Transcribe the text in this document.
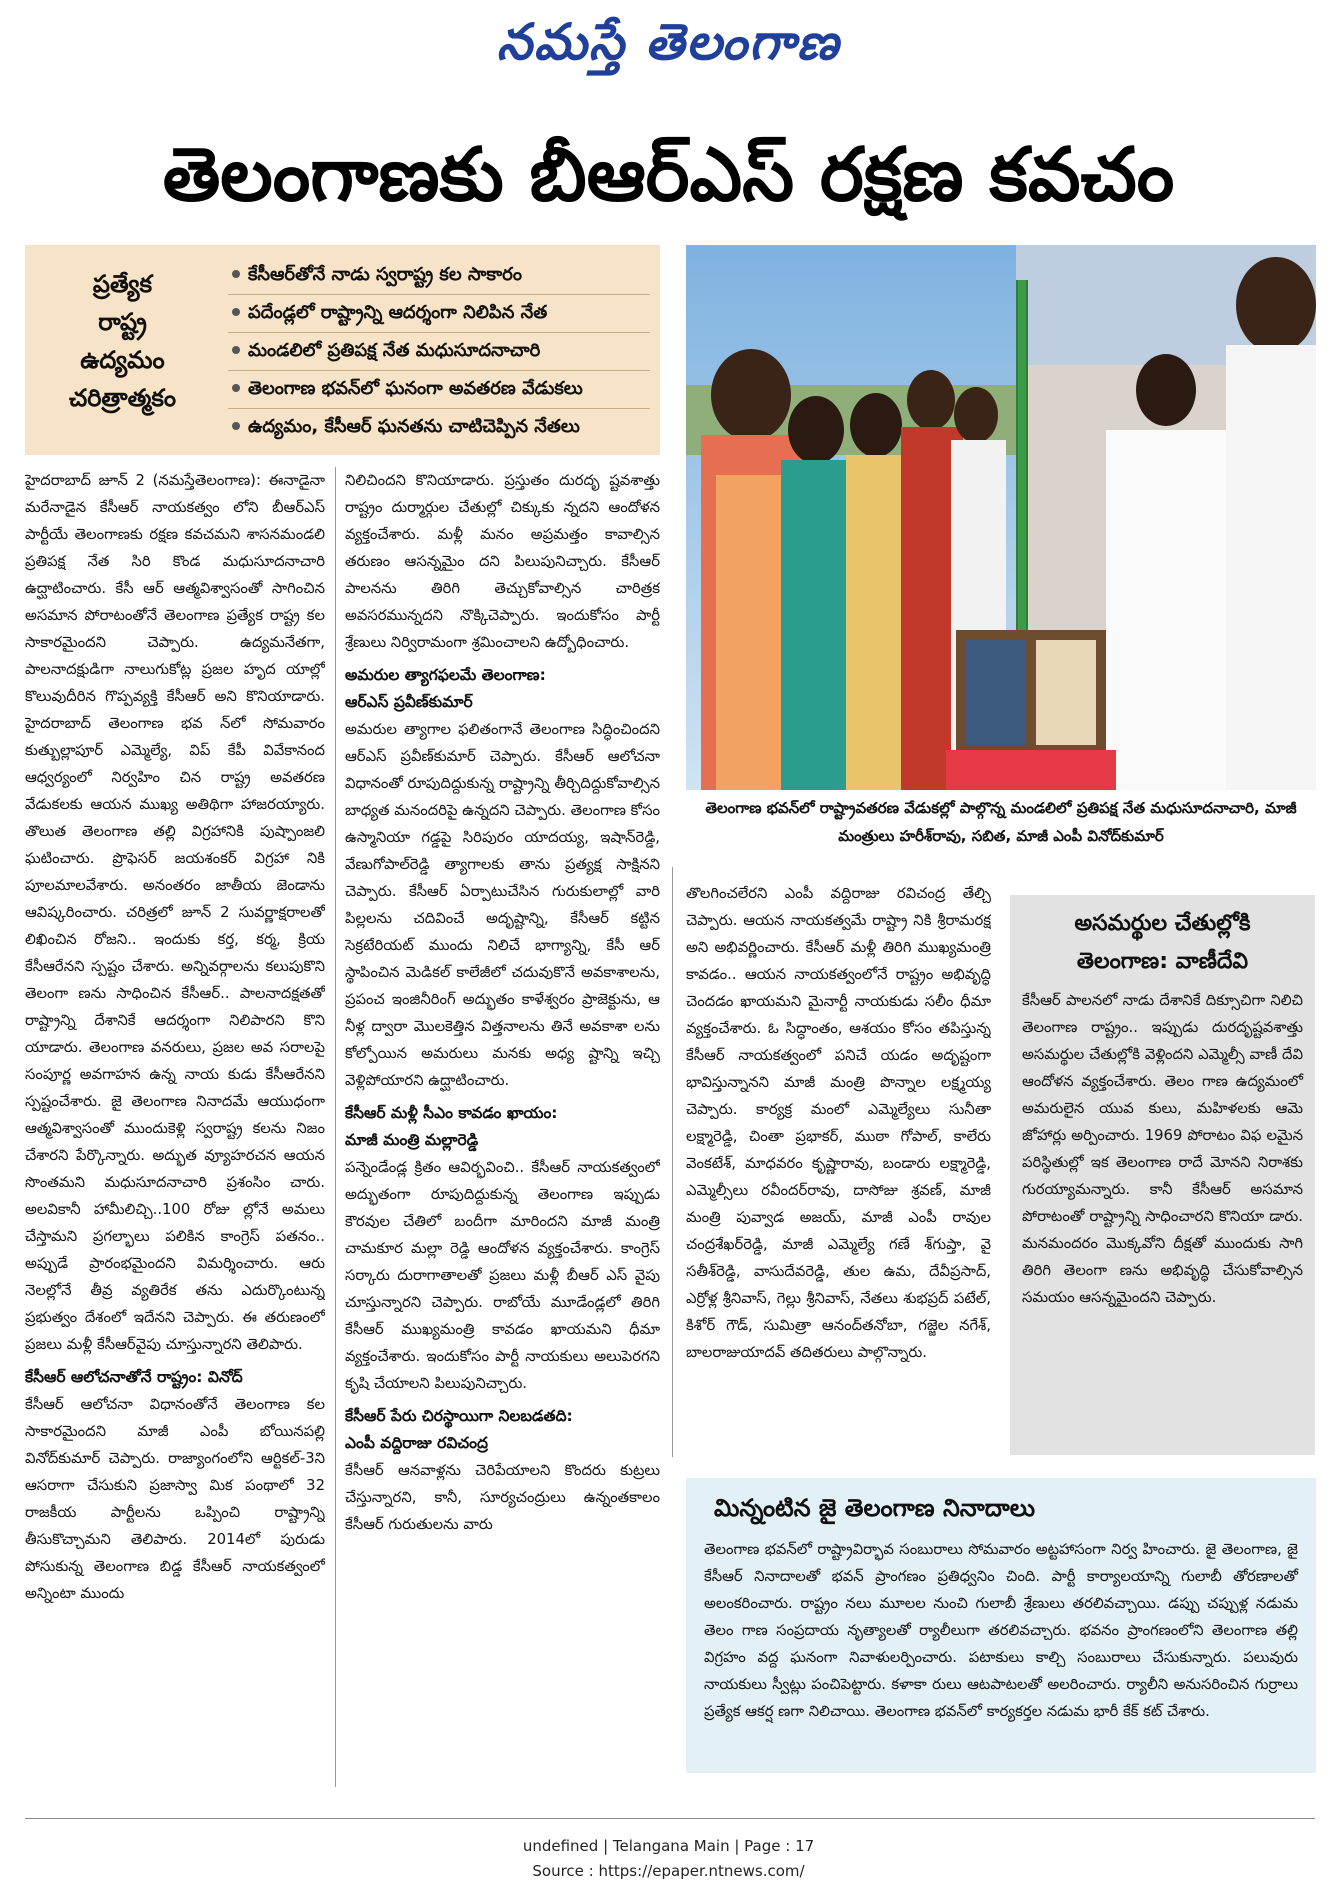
నమస్తే తెలంగాణ
తెలంగాణకు బీఆర్ఎస్ రక్షణ కవచం
ప్రత్యేక
రాష్ట్ర
ఉద్యమం
చరిత్రాత్మకం
కేసీఆర్‌తోనే నాడు స్వరాష్ట్ర కల సాకారం
పదేండ్లలో రాష్ట్రాన్ని ఆదర్శంగా నిలిపిన నేత
మండలిలో ప్రతిపక్ష నేత మధుసూదనాచారి
తెలంగాణ భవన్‌లో ఘనంగా అవతరణ వేడుకలు
ఉద్యమం, కేసీఆర్ ఘనతను చాటిచెప్పిన నేతలు
తెలంగాణ భవన్‌లో రాష్ట్రావతరణ వేడుకల్లో పాల్గొన్న మండలిలో ప్రతిపక్ష నేత మధుసూదనాచారి, మాజీ మంత్రులు హరీశ్‌రావు, సబిత, మాజీ ఎంపీ వినోద్‌కుమార్

హైదరాబాద్ జూన్ 2 (నమస్తేతెలంగాణ): ఈనాడైనా మరేనాడైన కేసీఆర్ నాయకత్వం లోని బీఆర్ఎస్ పార్టీయే తెలంగాణకు రక్షణ కవచమని శాసనమండలి ప్రతిపక్ష నేత సిరి కొండ మధుసూదనాచారి ఉద్ఘాటించారు. కేసీ ఆర్ ఆత్మవిశ్వాసంతో సాగించిన అసమాన పోరాటంతోనే తెలంగాణ ప్రత్యేక రాష్ట్ర కల సాకారమైందని చెప్పారు. ఉద్యమనేతగా, పాలనాదక్షుడిగా నాలుగుకోట్ల ప్రజల హృద యాల్లో కొలువుదీరిన గొప్పవ్యక్తి కేసీఆర్ అని కొనియాడారు. హైదరాబాద్ తెలంగాణ భవ న్‌లో సోమవారం కుత్బుల్లాపూర్ ఎమ్మెల్యే, విప్ కేపీ వివేకానంద ఆధ్వర్యంలో నిర్వహిం చిన రాష్ట్ర అవతరణ వేడుకలకు ఆయన ముఖ్య అతిథిగా హాజరయ్యారు. తొలుత తెలంగాణ తల్లి విగ్రహానికి పుష్పాంజలి ఘటించారు. ప్రొఫెసర్ జయశంకర్ విగ్రహా నికి పూలమాలవేశారు. అనంతరం జాతీయ జెండాను ఆవిష్కరించారు. చరిత్రలో జూన్ 2 సువర్ణాక్షరాలతో లిఖించిన రోజని.. ఇందుకు కర్త, కర్మ, క్రియ కేసీఆరేనని స్పష్టం చేశారు. అన్నివర్గాలను కలుపుకొని తెలంగా ణను సాధించిన కేసీఆర్.. పాలనాదక్షతతో రాష్ట్రాన్ని దేశానికే ఆదర్శంగా నిలిపారని కొని యాడారు. తెలంగాణ వనరులు, ప్రజల అవ సరాలపై సంపూర్ణ అవగాహన ఉన్న నాయ కుడు కేసీఆరేనని స్పష్టంచేశారు. జై తెలంగాణ నినాదమే ఆయుధంగా ఆత్మవిశ్వాసంతో ముందుకెళ్లి స్వరాష్ట్ర కలను నిజం చేశారని పేర్కొన్నారు. అద్భుత వ్యూహరచన ఆయన సొంతమని మధుసూదనాచారి ప్రశంసిం చారు. అలవికానీ హామీలిచ్చి..100 రోజు ల్లోనే అమలు చేస్తామని ప్రగల్భాలు పలికిన కాంగ్రెస్ పతనం.. అప్పుడే ప్రారంభమైందని విమర్శించారు. ఆరు నెలల్లోనే తీవ్ర వ్యతిరేక తను ఎదుర్కొంటున్న ప్రభుత్వం దేశంలో ఇదేనని చెప్పారు. ఈ తరుణంలో ప్రజలు మళ్లీ కేసీఆర్‌వైపు చూస్తున్నారని తెలిపారు.

కేసీఆర్ ఆలోచనాతోనే రాష్ట్రం: వినోద్

కేసీఆర్ ఆలోచనా విధానంతోనే తెలంగాణ కల సాకారమైందని మాజీ ఎంపీ బోయినపల్లి వినోద్‌కుమార్ చెప్పారు. రాజ్యాంగంలోని ఆర్టికల్-3ని ఆసరాగా చేసుకుని ప్రజాస్వా మిక పంథాలో 32 రాజకీయ పార్టీలను ఒప్పించి రాష్ట్రాన్ని తీసుకొచ్చామని తెలిపారు. 2014లో పురుడు పోసుకున్న తెలంగాణ బిడ్డ కేసీఆర్ నాయకత్వంలో అన్నింటా ముందు

నిలిచిందని కొనియాడారు. ప్రస్తుతం దురదృ ష్టవశాత్తు రాష్ట్రం దుర్మార్గుల చేతుల్లో చిక్కుకు న్నదని ఆందోళన వ్యక్తంచేశారు. మళ్లీ మనం అప్రమత్తం కావాల్సిన తరుణం ఆసన్నమైం దని పిలుపునిచ్చారు. కేసీఆర్ పాలనను తిరిగి తెచ్చుకోవాల్సిన చారిత్రక అవసరమున్నదని నొక్కిచెప్పారు. ఇందుకోసం పార్టీ శ్రేణులు నిర్విరామంగా శ్రమించాలని ఉద్బోధించారు.

అమరుల త్యాగఫలమే తెలంగాణ:

ఆర్ఎస్ ప్రవీణ్‌కుమార్

అమరుల త్యాగాల ఫలితంగానే తెలంగాణ సిద్ధించిందని ఆర్ఎస్ ప్రవీణ్‌కుమార్ చెప్పారు. కేసీఆర్ ఆలోచనా విధానంతో రూపుదిద్దుకున్న రాష్ట్రాన్ని తీర్చిదిద్దుకోవాల్సిన బాధ్యత మనందరిపై ఉన్నదని చెప్పారు. తెలంగాణ కోసం ఉస్మానియా గడ్డపై సిరిపురం యాదయ్య, ఇషాన్‌రెడ్డి, వేణుగోపాల్‌రెడ్డి త్యాగాలకు తాను ప్రత్యక్ష సాక్షినని చెప్పారు. కేసీఆర్ ఏర్పాటుచేసిన గురుకులాల్లో వారి పిల్లలను చదివించే అదృష్టాన్ని, కేసీఆర్ కట్టిన సెక్రటేరియట్ ముందు నిలిచే భాగ్యాన్ని, కేసీ ఆర్ స్థాపించిన మెడికల్ కాలేజీలో చదువుకొనే అవకాశాలను, ప్రపంచ ఇంజినీరింగ్ అద్భుతం కాళేశ్వరం ప్రాజెక్టును, ఆ నీళ్ల ద్వారా మొలకెత్తిన విత్తనాలను తినే అవకాశా లను కోల్పోయిన అమరులు మనకు అధ్య ష్టాన్ని ఇచ్చి వెళ్లిపోయారని ఉద్ఘాటించారు.

కేసీఆర్ మళ్లీ సీఎం కావడం ఖాయం:

మాజీ మంత్రి మల్లారెడ్డి

పన్నెండేండ్ల క్రితం ఆవిర్భవించి.. కేసీఆర్ నాయకత్వంలో అద్భుతంగా రూపుదిద్దుకున్న తెలంగాణ ఇప్పుడు కౌరవుల చేతిలో బందీగా మారిందని మాజీ మంత్రి చామకూర మల్లా రెడ్డి ఆందోళన వ్యక్తంచేశారు. కాంగ్రెస్ సర్కారు దురాగాతాలతో ప్రజలు మళ్లీ బీఆర్ ఎస్ వైపు చూస్తున్నారని చెప్పారు. రాబోయే మూడేండ్లలో తిరిగి కేసీఆర్ ముఖ్యమంత్రి కావడం ఖాయమని ధీమా వ్యక్తంచేశారు. ఇందుకోసం పార్టీ నాయకులు అలుపెరగని కృషి చేయాలని పిలుపునిచ్చారు.

కేసీఆర్ పేరు చిరస్థాయిగా నిలబడతది:

ఎంపీ వద్దిరాజు రవిచంద్ర

కేసీఆర్ ఆనవాళ్లను చెరిపేయాలని కొందరు కుట్రలు చేస్తున్నారని, కానీ, సూర్యచంద్రులు ఉన్నంతకాలం కేసీఆర్ గురుతులను వారు

తొలగించలేరని ఎంపీ వద్దిరాజు రవిచంద్ర తేల్చి చెప్పారు. ఆయన నాయకత్వమే రాష్ట్రా నికి శ్రీరామరక్ష అని అభివర్ణించారు. కేసీఆర్ మళ్లీ తిరిగి ముఖ్యమంత్రి కావడం.. ఆయన నాయకత్వంలోనే రాష్ట్రం అభివృద్ధి చెందడం ఖాయమని మైనార్టీ నాయకుడు సలీం ధీమా వ్యక్తంచేశారు. ఓ సిద్ధాంతం, ఆశయం కోసం తపిస్తున్న కేసీఆర్ నాయకత్వంలో పనిచే యడం అదృష్టంగా భావిస్తున్నానని మాజీ మంత్రి పొన్నాల లక్ష్మయ్య చెప్పారు. కార్యక్ర మంలో ఎమ్మెల్యేలు సునీతా లక్ష్మారెడ్డి, చింతా ప్రభాకర్, ముఠా గోపాల్, కాలేరు వెంకటేశ్, మాధవరం కృష్ణారావు, బండారు లక్ష్మారెడ్డి, ఎమ్మెల్సీలు రవీందర్‌రావు, దాసోజు శ్రవణ్, మాజీ మంత్రి పువ్వాడ అజయ్, మాజీ ఎంపీ రావుల చంద్రశేఖర్‌రెడ్డి, మాజీ ఎమ్మెల్యే గణే శ్‌గుప్తా, వై సతీశ్‌రెడ్డి, వాసుదేవరెడ్డి, తుల ఉమ, దేవీప్రసాద్, ఎర్రోళ్ల శ్రీనివాస్, గెల్లు శ్రీనివాస్, నేతలు శుభప్రద్ పటేల్, కిశోర్ గౌడ్, సుమిత్రా ఆనంద్‌తనోబా, గజ్జెల నగేశ్, బాలరాజుయాదవ్ తదితరులు పాల్గొన్నారు.

అసమర్థుల చేతుల్లోకి
తెలంగాణ: వాణీదేవి
కేసీఆర్ పాలనలో నాడు దేశానికే దిక్సూచిగా నిలిచి తెలంగాణ రాష్ట్రం.. ఇప్పుడు దురదృష్టవశాత్తు అసమర్థుల చేతుల్లోకి వెళ్లిందని ఎమ్మెల్సీ వాణీ దేవి ఆందోళన వ్యక్తంచేశారు. తెలం గాణ ఉద్యమంలో అమరులైన యువ కులు, మహిళలకు ఆమె జోహార్లు అర్పించారు. 1969 పోరాటం విఫ లమైన పరిస్థితుల్లో ఇక తెలంగాణ రాదే మోనని నిరాశకు గురయ్యామన్నారు. కానీ కేసీఆర్ అసమాన పోరాటంతో రాష్ట్రాన్ని సాధించారని కొనియా డారు. మనమందరం మొక్కవోని దీక్షతో ముందుకు సాగి తిరిగి తెలంగా ణను అభివృద్ధి చేసుకోవాల్సిన సమయం ఆసన్నమైందని చెప్పారు.
మిన్నంటిన జై తెలంగాణ నినాదాలు
తెలంగాణ భవన్‌లో రాష్ట్రావిర్భావ సంబురాలు సోమవారం అట్టహాసంగా నిర్వ హించారు. జై తెలంగాణ, జై కేసీఆర్ నినాదాలతో భవన్ ప్రాంగణం ప్రతిధ్వనిం చింది. పార్టీ కార్యాలయాన్ని గులాబీ తోరణాలతో అలంకరించారు. రాష్ట్రం నలు మూలల నుంచి గులాబీ శ్రేణులు తరలివచ్చాయి. డప్పు చప్పుళ్ల నడుమ తెలం గాణ సంప్రదాయ నృత్యాలతో ర్యాలీలుగా తరలివచ్చారు. భవనం ప్రాంగణంలోని తెలంగాణ తల్లి విగ్రహం వద్ద ఘనంగా నివాళులర్పించారు. పటాకులు కాల్చి సంబురాలు చేసుకున్నారు. పలువురు నాయకులు స్వీట్లు పంచిపెట్టారు. కళాకా రులు ఆటపాటలతో అలరించారు. ర్యాలీని అనుసరించిన గుర్రాలు ప్రత్యేక ఆకర్ష ణగా నిలిచాయి. తెలంగాణ భవన్‌లో కార్యకర్తల నడుమ భారీ కేక్ కట్ చేశారు.
undefined | Telangana Main | Page : 17
Source : https://epaper.ntnews.com/
